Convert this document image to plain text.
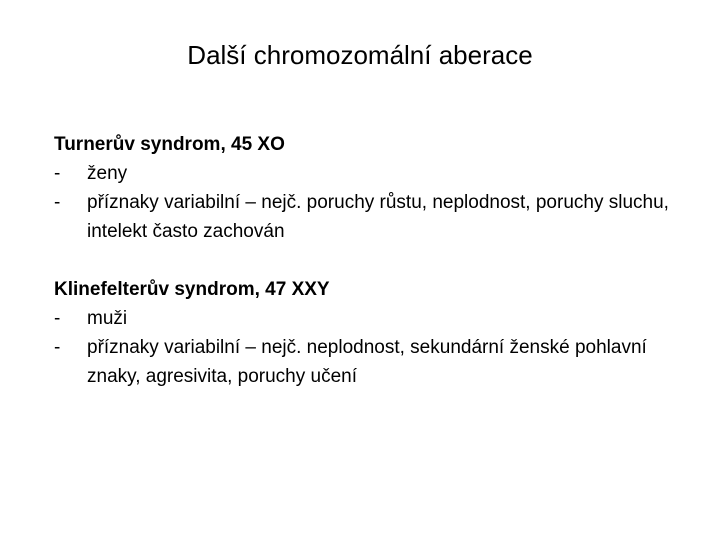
Další chromozomální aberace
Turnerův syndrom, 45 XO
-	ženy
-	příznaky variabilní – nejč. poruchy růstu, neplodnost, poruchy sluchu, intelekt často zachován
Klinefelterův syndrom, 47 XXY
-	muži
-	příznaky variabilní – nejč. neplodnost, sekundární ženské pohlavní znaky, agresivita, poruchy učení
